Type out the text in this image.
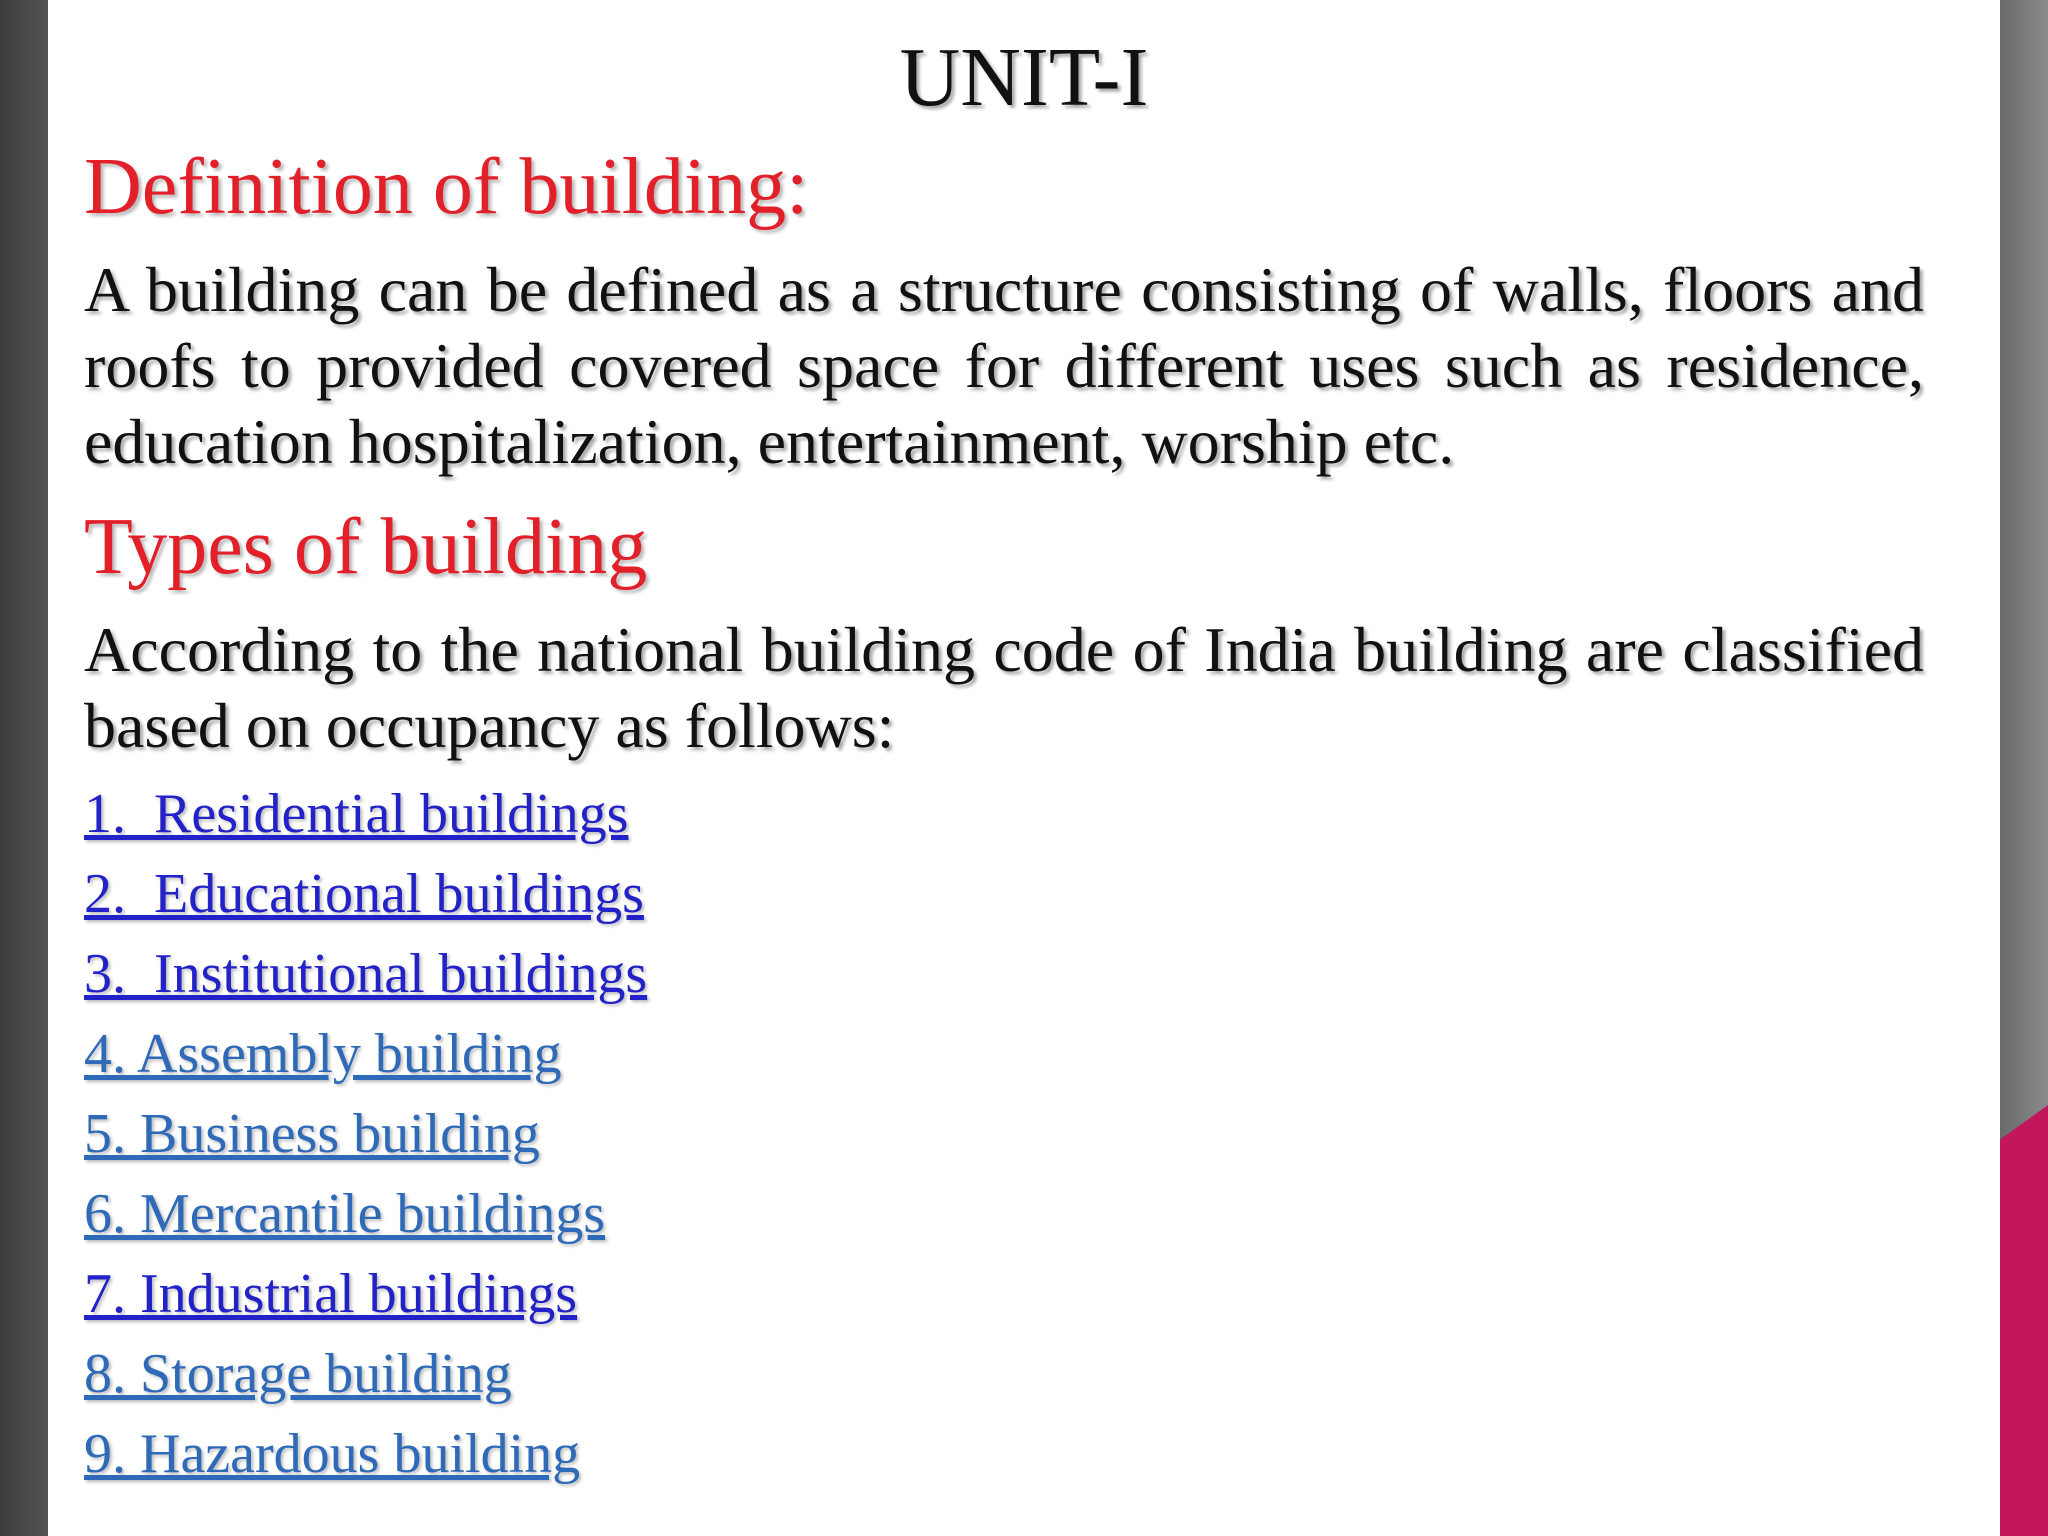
UNIT-I
Definition of building:
A building can be defined as a structure consisting of walls, floors and roofs to provided covered space for different uses such as residence, education hospitalization, entertainment, worship etc.
Types of building
According to the national building code of India building are classified based on occupancy as follows:
1.  Residential buildings
2.  Educational buildings
3.  Institutional buildings
4. Assembly building
5. Business building
6. Mercantile buildings
7. Industrial buildings
8. Storage building
9. Hazardous building
